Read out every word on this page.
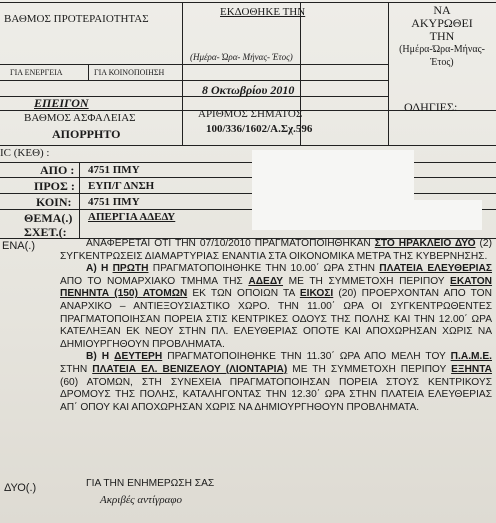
ΒΑΘΜΟΣ ΠΡΟΤΕΡΑΙΟΤΗΤΑΣ
ΕΚΔΟΘΗΚΕ ΤΗΝ
(Ημέρα- Ώρα- Μήνας- Έτος)
ΝΑ
ΑΚΥΡΩΘΕΙ
ΤΗΝ
(Ημέρα-Ώρα-Μήνας-Έτος)
ΓΙΑ ΕΝΕΡΓΕΙΑ	ΓΙΑ ΚΟΙΝΟΠΟΙΗΣΗ
8 Οκτωβρίου 2010
ΕΠΕΙΓΟΝ
ΒΑΘΜΟΣ ΑΣΦΑΛΕΙΑΣ	ΑΡΙΘΜΟΣ ΣΗΜΑΤΟΣ	ΟΔΗΓΙΕΣ:
ΑΠΟΡΡΗΤΟ	100/336/1602/Α.Σχ.596
IC (ΚΕΘ) :
ΑΠΟ : 4751 ΠΜΥ
ΠΡΟΣ : ΕΥΠ/Γ ΔΝΣΗ
ΚΟΙΝ: 4751 ΠΜΥ
ΘΕΜΑ(.) ΑΠΕΡΓΙΑ ΑΔΕΔΥ
ΣΧΕΤ.(:
ΕΝΑ(.)	ΑΝΑΦΕΡΕΤΑΙ ΟΤΙ ΤΗΝ 07/10/2010 ΠΡΑΓΜΑΤΟΠΟΙΗΘΗΚΑΝ ΣΤΟ ΗΡΑΚΛΕΙΟ ΔΥΟ (2) ΣΥΓΚΕΝΤΡΩΣΕΙΣ ΔΙΑΜΑΡΤΥΡΙΑΣ ΕΝΑΝΤΙΑ ΣΤΑ ΟΙΚΟΝΟΜΙΚΑ ΜΕΤΡΑ ΤΗΣ ΚΥΒΕΡΝΗΣΗΣ.

Α) Η ΠΡΩΤΗ ΠΡΑΓΜΑΤΟΠΟΙΗΘΗΚΕ ΤΗΝ 10.00΄ ΩΡΑ ΣΤΗΝ ΠΛΑΤΕΙΑ ΕΛΕΥΘΕΡΙΑΣ ΑΠΟ ΤΟ ΝΟΜΑΡΧΙΑΚΟ ΤΜΗΜΑ ΤΗΣ ΑΔΕΔΥ ΜΕ ΤΗ ΣΥΜΜΕΤΟΧΗ ΠΕΡΙΠΟΥ ΕΚΑΤΟΝ ΠΕΝΗΝΤΑ (150) ΑΤΟΜΩΝ ΕΚ ΤΩΝ ΟΠΟΙΩΝ ΤΑ ΕΙΚΟΣΙ (20) ΠΡΟΕΡΧΟΝΤΑΝ ΑΠΟ ΤΟΝ ΑΝΑΡΧΙΚΟ – ΑΝΤΙΕΞΟΥΣΙΑΣΤΙΚΟ ΧΩΡΟ. ΤΗΝ 11.00΄ ΩΡΑ ΟΙ ΣΥΓΚΕΝΤΡΩΘΕΝΤΕΣ ΠΡΑΓΜΑΤΟΠΟΙΗΣΑΝ ΠΟΡΕΙΑ ΣΤΙΣ ΚΕΝΤΡΙΚΕΣ ΟΔΟΥΣ ΤΗΣ ΠΟΛΗΣ ΚΑΙ ΤΗΝ 12.00΄ ΩΡΑ ΚΑΤΕΛΗΞΑΝ ΕΚ ΝΕΟΥ ΣΤΗΝ ΠΛ. ΕΛΕΥΘΕΡΙΑΣ ΟΠΟΤΕ ΚΑΙ ΑΠΟΧΩΡΗΣΑΝ ΧΩΡΙΣ ΝΑ ΔΗΜΙΟΥΡΓΗΘΟΥΝ ΠΡΟΒΛΗΜΑΤΑ.

Β) Η ΔΕΥΤΕΡΗ ΠΡΑΓΜΑΤΟΠΟΙΗΘΗΚΕ ΤΗΝ 11.30΄ ΩΡΑ ΑΠΟ ΜΕΛΗ ΤΟΥ Π.Α.Μ.Ε. ΣΤΗΝ ΠΛΑΤΕΙΑ ΕΛ. ΒΕΝΙΖΕΛΟΥ (ΛΙΟΝΤΑΡΙΑ) ΜΕ ΤΗ ΣΥΜΜΕΤΟΧΗ ΠΕΡΙΠΟΥ ΕΞΗΝΤΑ (60) ΑΤΟΜΩΝ, ΣΤΗ ΣΥΝΕΧΕΙΑ ΠΡΑΓΜΑΤΟΠΟΙΗΣΑΝ ΠΟΡΕΙΑ ΣΤΟΥΣ ΚΕΝΤΡΙΚΟΥΣ ΔΡΟΜΟΥΣ ΤΗΣ ΠΟΛΗΣ, ΚΑΤΑΛΗΓΟΝΤΑΣ ΤΗΝ 12.30΄ ΩΡΑ ΣΤΗΝ ΠΛΑΤΕΙΑ ΕΛΕΥΘΕΡΙΑΣ ΑΠ΄ ΟΠΟΥ ΚΑΙ ΑΠΟΧΩΡΗΣΑΝ ΧΩΡΙΣ ΝΑ ΔΗΜΙΟΥΡΓΗΘΟΥΝ ΠΡΟΒΛΗΜΑΤΑ.

ΔΥΟ(.)	ΓΙΑ ΤΗΝ ΕΝΗΜΕΡΩΣΗ ΣΑΣ
Ακριβές αντίγραφο
